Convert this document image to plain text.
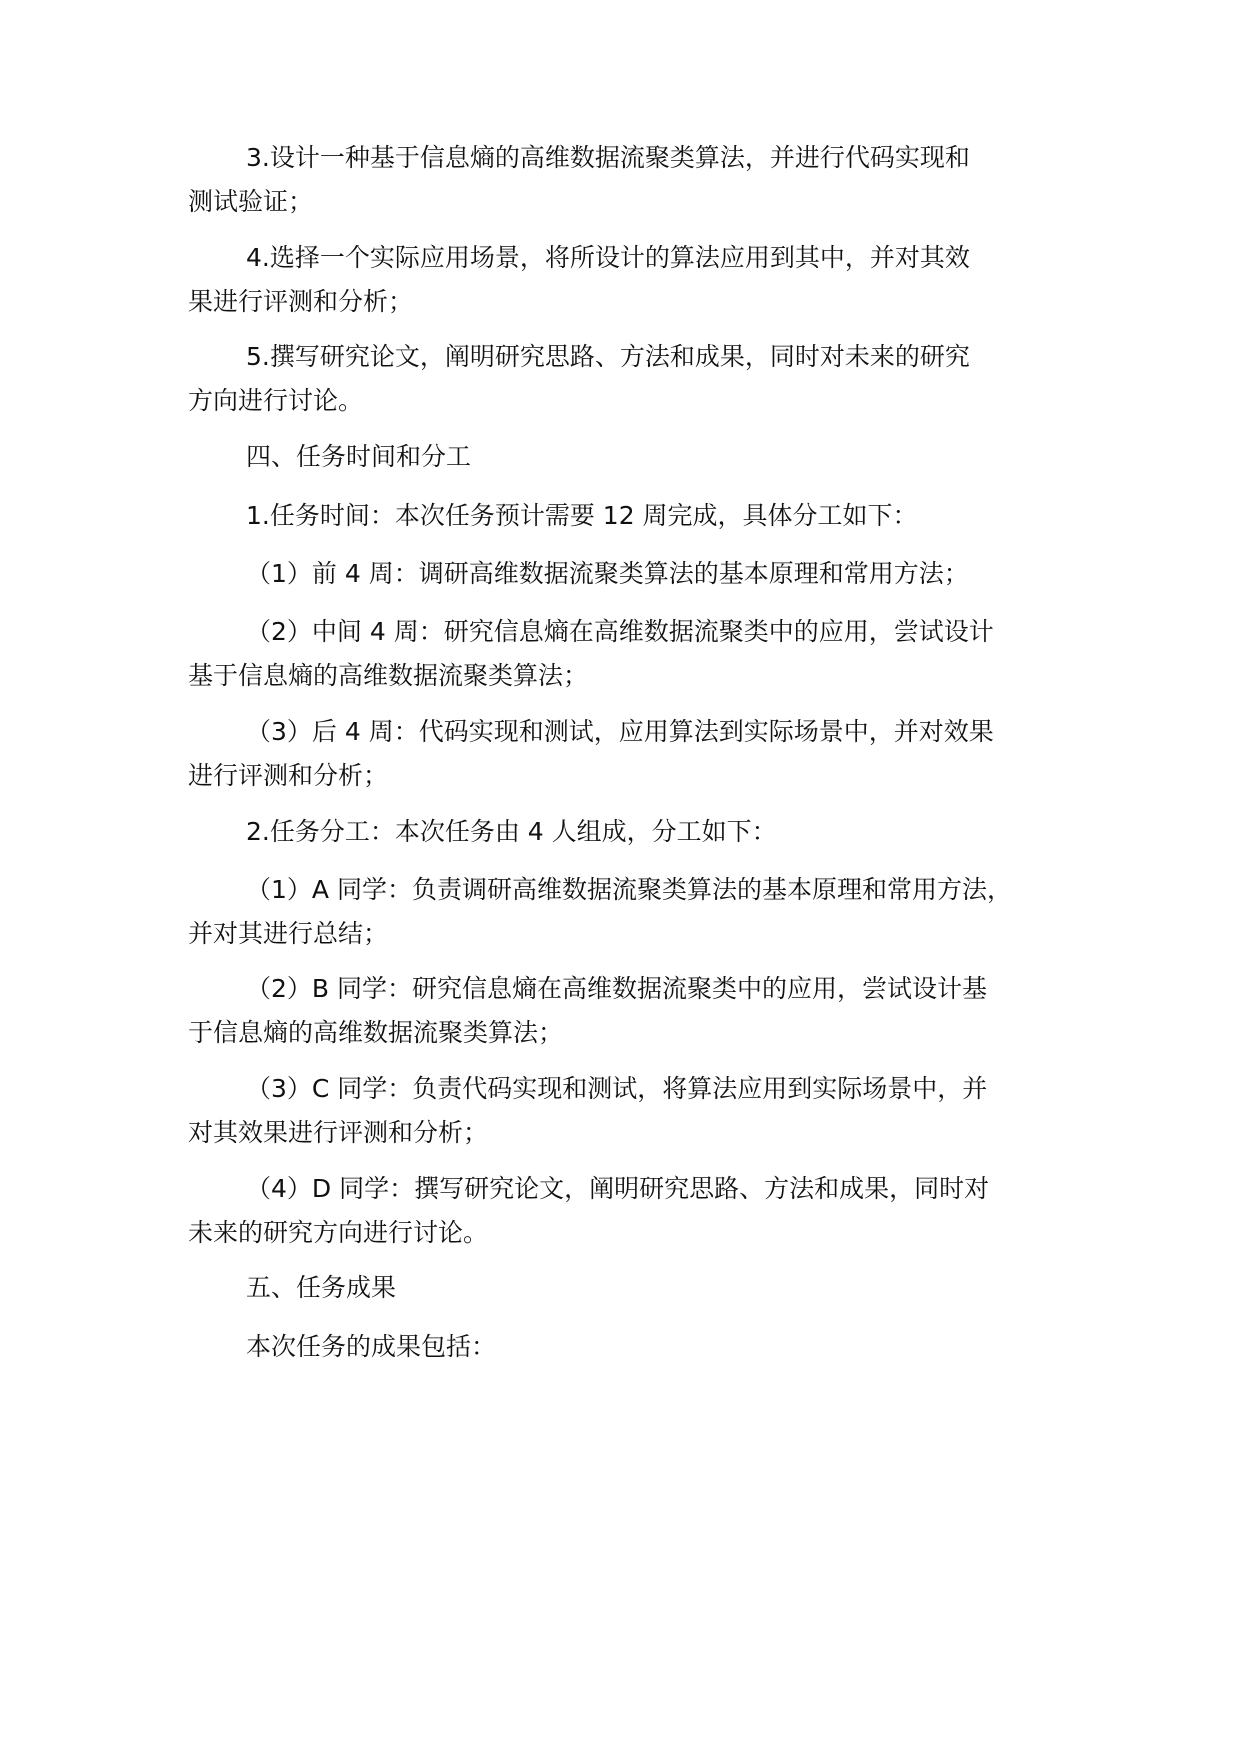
3.设计一种基于信息熵的高维数据流聚类算法，并进行代码实现和
测试验证；

4.选择一个实际应用场景，将所设计的算法应用到其中，并对其效
果进行评测和分析；

5.撰写研究论文，阐明研究思路、方法和成果，同时对未来的研究
方向进行讨论。

四、任务时间和分工

1.任务时间：本次任务预计需要 12 周完成，具体分工如下：

（1）前 4 周：调研高维数据流聚类算法的基本原理和常用方法；

（2）中间 4 周：研究信息熵在高维数据流聚类中的应用，尝试设计
基于信息熵的高维数据流聚类算法；

（3）后 4 周：代码实现和测试，应用算法到实际场景中，并对效果
进行评测和分析；

2.任务分工：本次任务由 4 人组成，分工如下：

（1）A 同学：负责调研高维数据流聚类算法的基本原理和常用方法，
并对其进行总结；

（2）B 同学：研究信息熵在高维数据流聚类中的应用，尝试设计基
于信息熵的高维数据流聚类算法；

（3）C 同学：负责代码实现和测试，将算法应用到实际场景中，并
对其效果进行评测和分析；

（4）D 同学：撰写研究论文，阐明研究思路、方法和成果，同时对
未来的研究方向进行讨论。

五、任务成果

本次任务的成果包括：
